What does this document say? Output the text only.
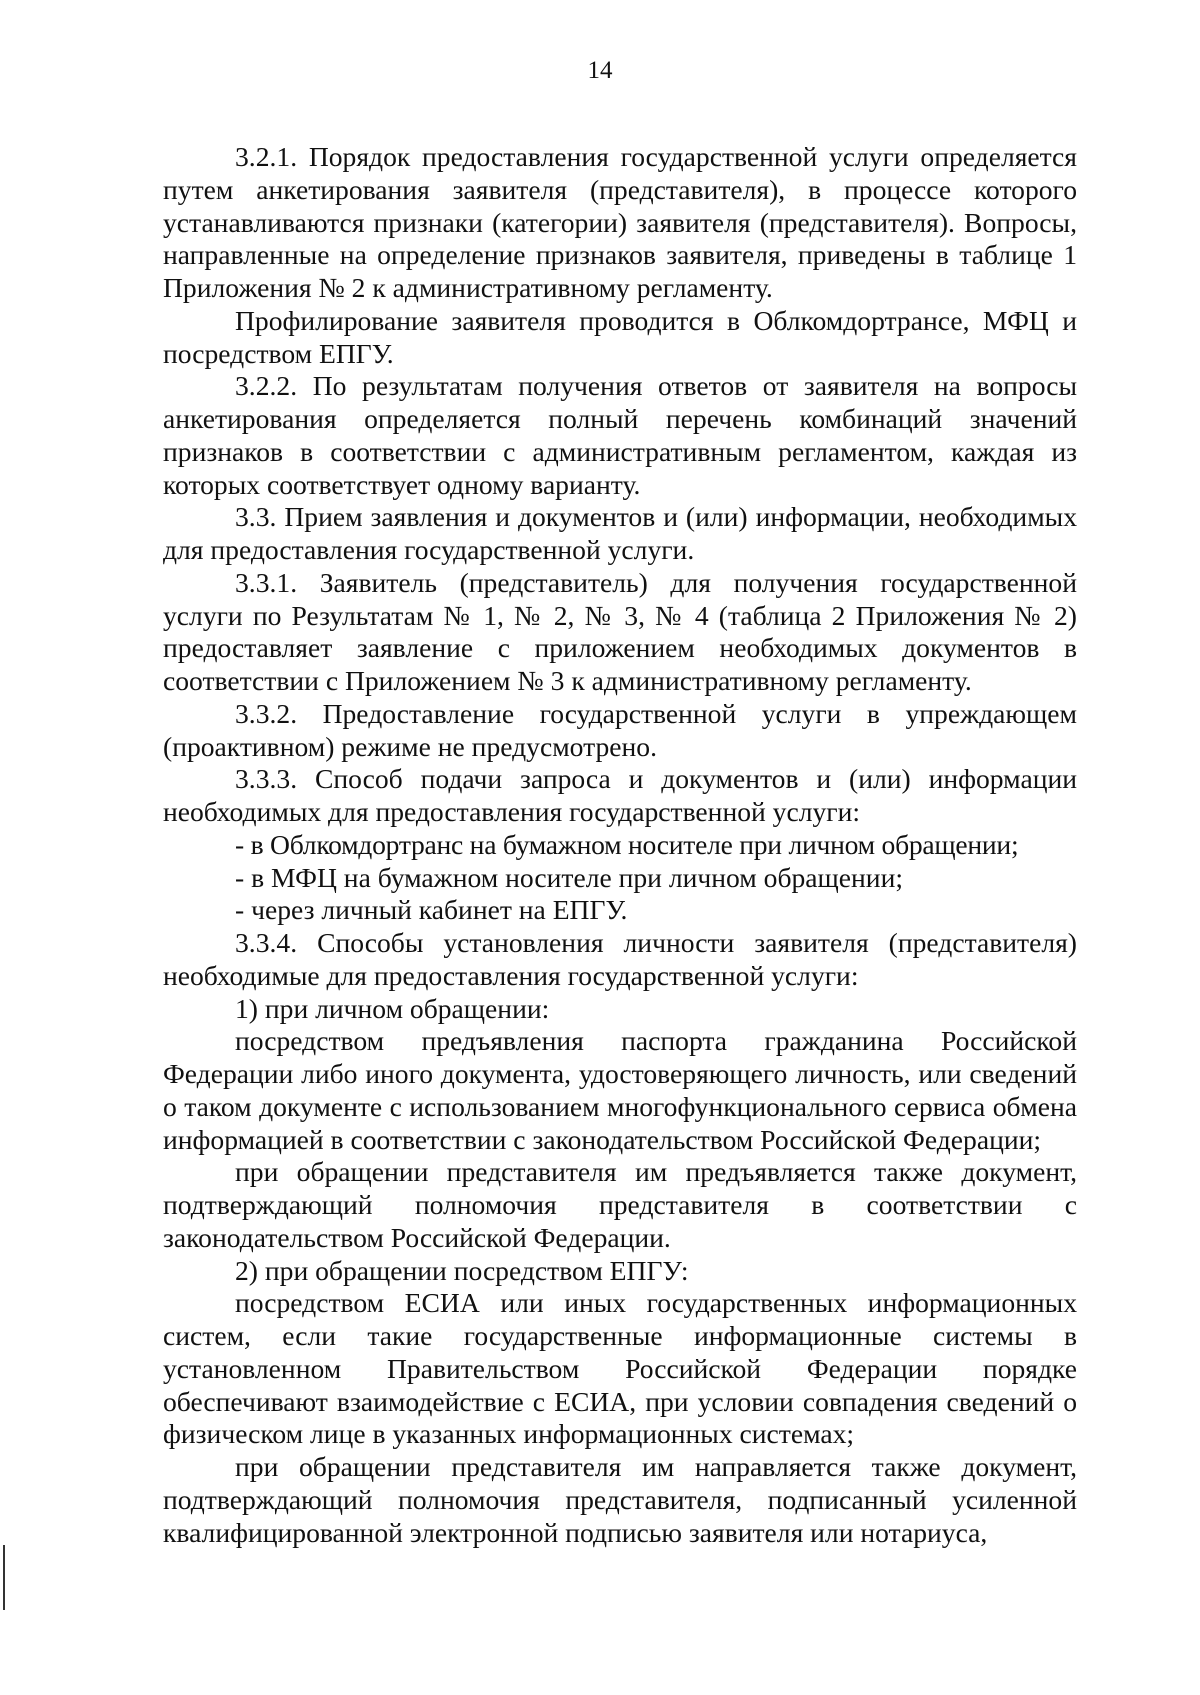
14

3.2.1. Порядок предоставления государственной услуги определяется путем анкетирования заявителя (представителя), в процессе которого устанавливаются признаки (категории) заявителя (представителя). Вопросы, направленные на определение признаков заявителя, приведены в таблице 1 Приложения № 2 к административному регламенту.

Профилирование заявителя проводится в Облкомдортрансе, МФЦ и посредством ЕПГУ.

3.2.2. По результатам получения ответов от заявителя на вопросы анкетирования определяется полный перечень комбинаций значений признаков в соответствии с административным регламентом, каждая из которых соответствует одному варианту.

3.3. Прием заявления и документов и (или) информации, необходимых для предоставления государственной услуги.

3.3.1. Заявитель (представитель) для получения государственной услуги по Результатам № 1, № 2, № 3, № 4 (таблица 2 Приложения № 2) предоставляет заявление с приложением необходимых документов в соответствии с Приложением № 3 к административному регламенту.

3.3.2. Предоставление государственной услуги в упреждающем (проактивном) режиме не предусмотрено.

3.3.3. Способ подачи запроса и документов и (или) информации необходимых для предоставления государственной услуги:

- в Облкомдортранс на бумажном носителе при личном обращении;

- в МФЦ на бумажном носителе при личном обращении;

- через личный кабинет на ЕПГУ.

3.3.4. Способы установления личности заявителя (представителя) необходимые для предоставления государственной услуги:

1) при личном обращении:

посредством предъявления паспорта гражданина Российской Федерации либо иного документа, удостоверяющего личность, или сведений о таком документе с использованием многофункционального сервиса обмена информацией в соответствии с законодательством Российской Федерации;

при обращении представителя им предъявляется также документ, подтверждающий полномочия представителя в соответствии с законодательством Российской Федерации.

2) при обращении посредством ЕПГУ:

посредством ЕСИА или иных государственных информационных систем, если такие государственные информационные системы в установленном Правительством Российской Федерации порядке обеспечивают взаимодействие с ЕСИА, при условии совпадения сведений о физическом лице в указанных информационных системах;

при обращении представителя им направляется также документ, подтверждающий полномочия представителя, подписанный усиленной квалифицированной электронной подписью заявителя или нотариуса,
